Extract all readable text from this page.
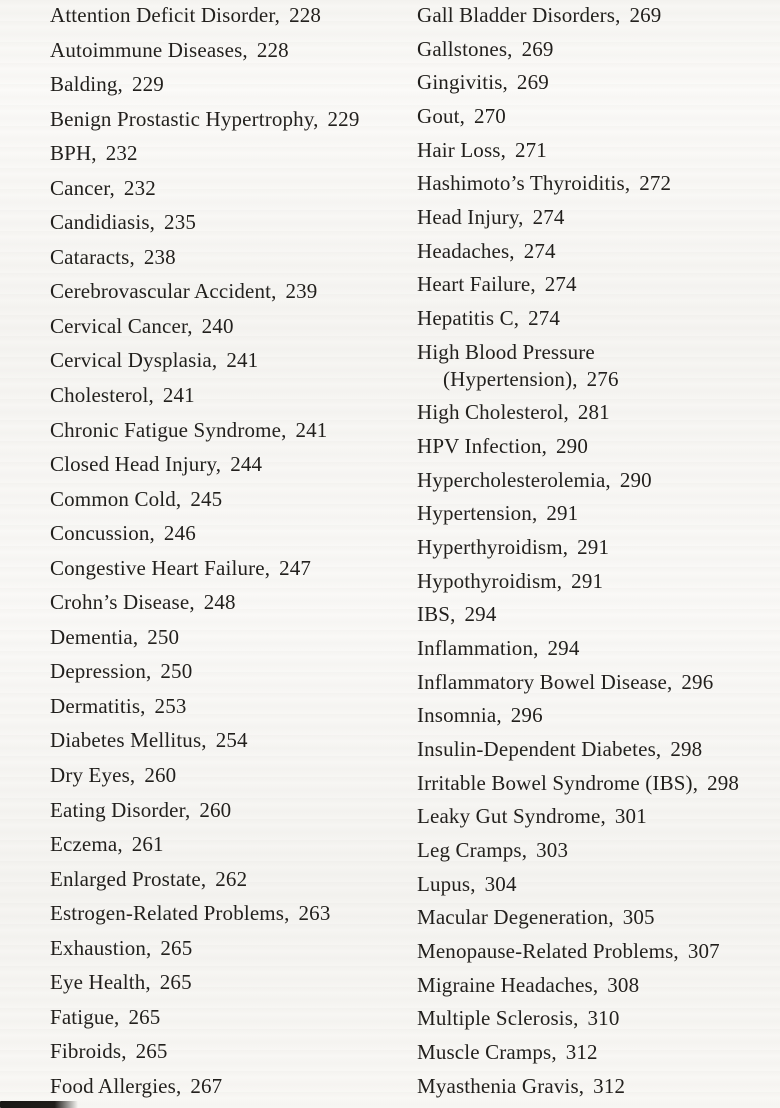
Attention Deficit Disorder, 228
Autoimmune Diseases, 228
Balding, 229
Benign Prostastic Hypertrophy, 229
BPH, 232
Cancer, 232
Candidiasis, 235
Cataracts, 238
Cerebrovascular Accident, 239
Cervical Cancer, 240
Cervical Dysplasia, 241
Cholesterol, 241
Chronic Fatigue Syndrome, 241
Closed Head Injury, 244
Common Cold, 245
Concussion, 246
Congestive Heart Failure, 247
Crohn’s Disease, 248
Dementia, 250
Depression, 250
Dermatitis, 253
Diabetes Mellitus, 254
Dry Eyes, 260
Eating Disorder, 260
Eczema, 261
Enlarged Prostate, 262
Estrogen-Related Problems, 263
Exhaustion, 265
Eye Health, 265
Fatigue, 265
Fibroids, 265
Food Allergies, 267
Gall Bladder Disorders, 269
Gallstones, 269
Gingivitis, 269
Gout, 270
Hair Loss, 271
Hashimoto’s Thyroiditis, 272
Head Injury, 274
Headaches, 274
Heart Failure, 274
Hepatitis C, 274
High Blood Pressure
(Hypertension), 276
High Cholesterol, 281
HPV Infection, 290
Hypercholesterolemia, 290
Hypertension, 291
Hyperthyroidism, 291
Hypothyroidism, 291
IBS, 294
Inflammation, 294
Inflammatory Bowel Disease, 296
Insomnia, 296
Insulin-Dependent Diabetes, 298
Irritable Bowel Syndrome (IBS), 298
Leaky Gut Syndrome, 301
Leg Cramps, 303
Lupus, 304
Macular Degeneration, 305
Menopause-Related Problems, 307
Migraine Headaches, 308
Multiple Sclerosis, 310
Muscle Cramps, 312
Myasthenia Gravis, 312
